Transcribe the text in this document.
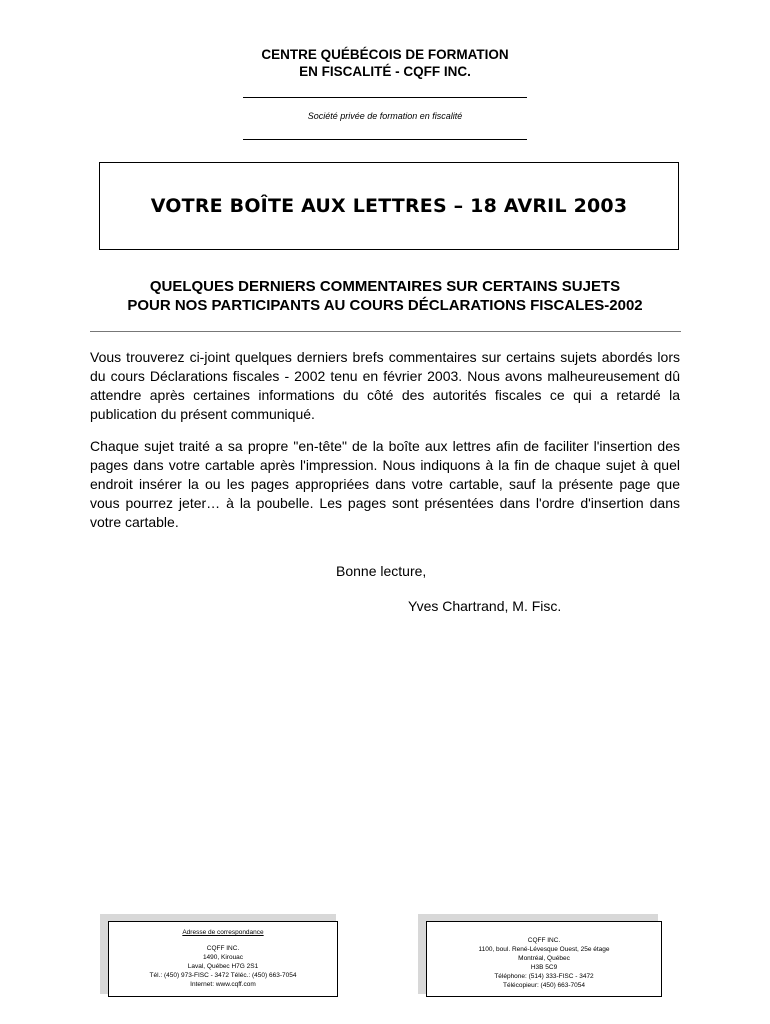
CENTRE QUÉBÉCOIS DE FORMATION
EN FISCALITÉ - CQFF INC.
Société privée de formation en fiscalité
VOTRE BOÎTE AUX LETTRES – 18 AVRIL 2003
QUELQUES DERNIERS COMMENTAIRES SUR CERTAINS SUJETS
POUR NOS PARTICIPANTS AU COURS DÉCLARATIONS FISCALES-2002
Vous trouverez ci-joint quelques derniers brefs commentaires sur certains sujets abordés lors du cours Déclarations fiscales - 2002 tenu en février 2003. Nous avons malheureusement dû attendre après certaines informations du côté des autorités fiscales ce qui a retardé la publication du présent communiqué.
Chaque sujet traité a sa propre "en-tête" de la boîte aux lettres afin de faciliter l'insertion des pages dans votre cartable après l'impression. Nous indiquons à la fin de chaque sujet à quel endroit insérer la ou les pages appropriées dans votre cartable, sauf la présente page que vous pourrez jeter… à la poubelle. Les pages sont présentées dans l'ordre d'insertion dans votre cartable.
Bonne lecture,
Yves Chartrand, M. Fisc.
Adresse de correspondance
CQFF INC.
1490, Kirouac
Laval, Québec H7G 2S1
Tél.: (450) 973-FISC - 3472 Téléc.: (450) 663-7054
Internet: www.cqff.com
CQFF INC.
1100, boul. René-Lévesque Ouest, 25e étage
Montréal, Québec
H3B 5C9
Téléphone: (514) 333-FISC - 3472
Télécopieur: (450) 663-7054
